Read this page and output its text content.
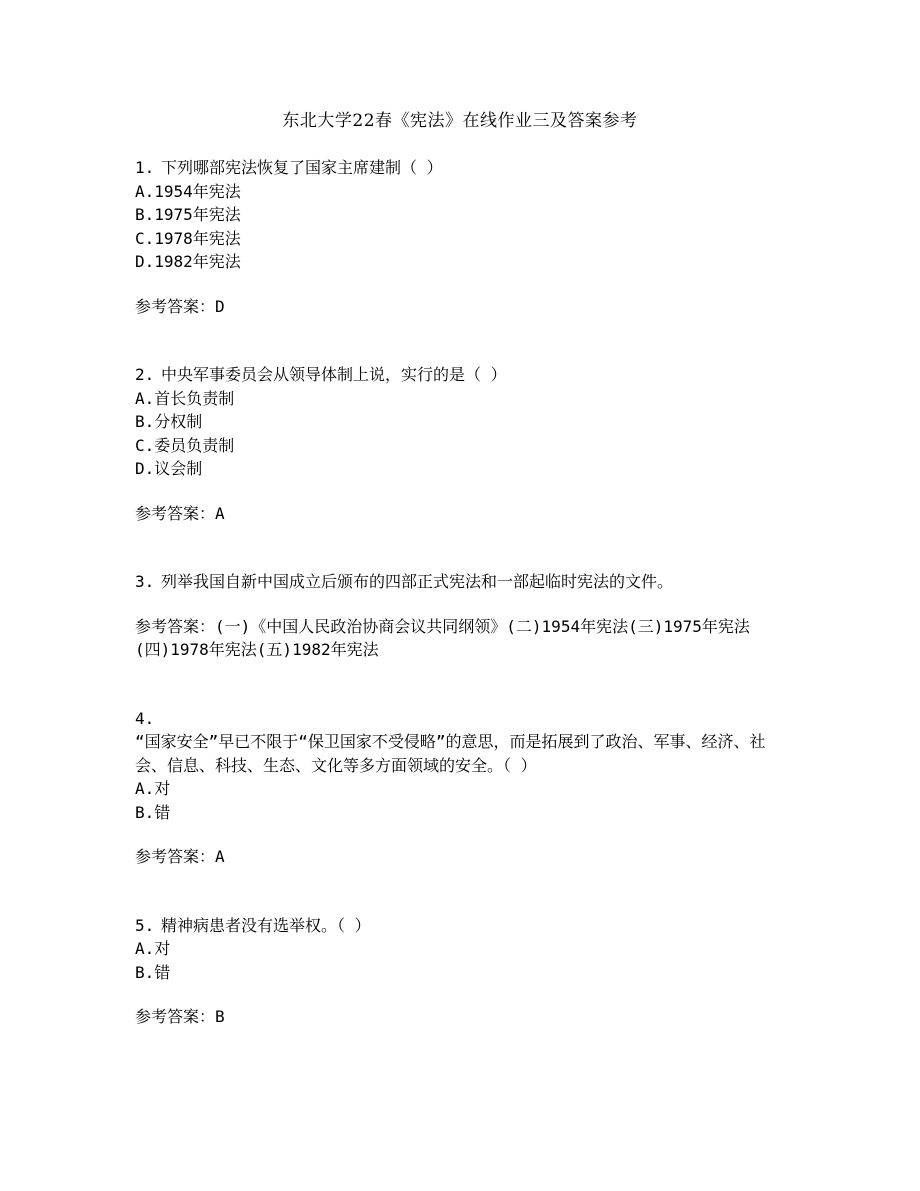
东北大学22春《宪法》在线作业三及答案参考
1. 下列哪部宪法恢复了国家主席建制（ ）
A.1954年宪法
B.1975年宪法
C.1978年宪法
D.1982年宪法
参考答案：D
2. 中央军事委员会从领导体制上说，实行的是（ ）
A.首长负责制
B.分权制
C.委员负责制
D.议会制
参考答案：A
3. 列举我国自新中国成立后颁布的四部正式宪法和一部起临时宪法的文件。
参考答案：(一)《中国人民政治协商会议共同纲领》(二)1954年宪法(三)1975年宪法(四)1978年宪法(五)1982年宪法
4.
“国家安全”早已不限于“保卫国家不受侵略”的意思，而是拓展到了政治、军事、经济、社会、信息、科技、生态、文化等多方面领域的安全。（ ）
A.对
B.错
参考答案：A
5. 精神病患者没有选举权。（ ）
A.对
B.错
参考答案：B
